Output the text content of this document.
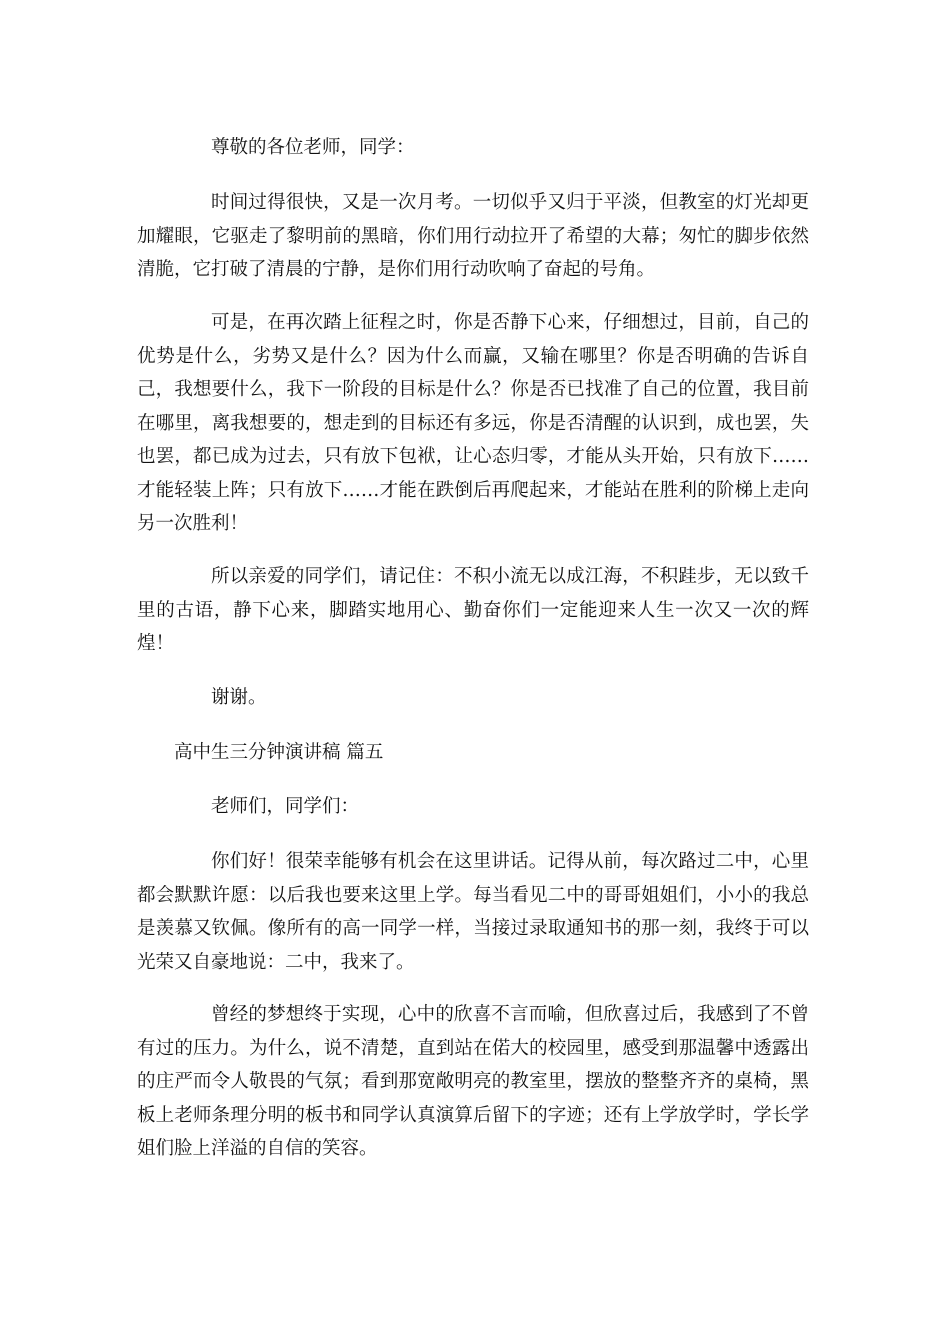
尊敬的各位老师，同学：

时间过得很快，又是一次月考。一切似乎又归于平淡，但教室的灯光却更加耀眼，它驱走了黎明前的黑暗，你们用行动拉开了希望的大幕；匆忙的脚步依然清脆，它打破了清晨的宁静，是你们用行动吹响了奋起的号角。

可是，在再次踏上征程之时，你是否静下心来，仔细想过，目前，自己的优势是什么，劣势又是什么？因为什么而赢，又输在哪里？你是否明确的告诉自己，我想要什么，我下一阶段的目标是什么？你是否已找准了自己的位置，我目前在哪里，离我想要的，想走到的目标还有多远，你是否清醒的认识到，成也罢，失也罢，都已成为过去，只有放下包袱，让心态归零，才能从头开始，只有放下……才能轻装上阵；只有放下……才能在跌倒后再爬起来，才能站在胜利的阶梯上走向另一次胜利！

所以亲爱的同学们，请记住：不积小流无以成江海，不积跬步，无以致千里的古语，静下心来，脚踏实地用心、勤奋你们一定能迎来人生一次又一次的辉煌！

谢谢。

高中生三分钟演讲稿 篇五

老师们，同学们：

你们好！很荣幸能够有机会在这里讲话。记得从前，每次路过二中，心里都会默默许愿：以后我也要来这里上学。每当看见二中的哥哥姐姐们，小小的我总是羡慕又钦佩。像所有的高一同学一样，当接过录取通知书的那一刻，我终于可以光荣又自豪地说：二中，我来了。

曾经的梦想终于实现，心中的欣喜不言而喻，但欣喜过后，我感到了不曾有过的压力。为什么，说不清楚，直到站在偌大的校园里，感受到那温馨中透露出的庄严而令人敬畏的气氛；看到那宽敞明亮的教室里，摆放的整整齐齐的桌椅，黑板上老师条理分明的板书和同学认真演算后留下的字迹；还有上学放学时，学长学姐们脸上洋溢的自信的笑容。
